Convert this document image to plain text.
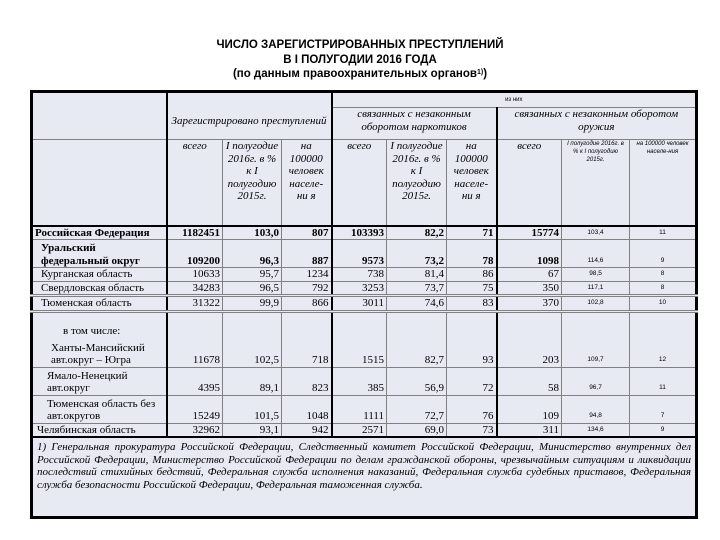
ЧИСЛО ЗАРЕГИСТРИРОВАННЫХ ПРЕСТУПЛЕНИЙ
В I ПОЛУГОДИИ 2016 ГОДА
(по данным правоохранительных органов$^{1)}$)
	Зарегистрировано преступлений			из них					
				связанных с незаконным оборотом наркотиков			связанных с незаконным оборотом оружия		
	всего	I полугодие 2016г. в % к I полугодию 2015г.	на 100000 человек населе-ни я	всего	I полугодие 2016г. в % к I полугодию 2015г.	на 100000 человек населе-ни я	всего	I полугодие 2016г. в % к I полугодию 2015г.	на 100000 человек населе-ния
Российская Федерация	1182451	103,0	807	103393	82,2	71	15774	103,4	11
Уральский федеральный округ	109200	96,3	887	9573	73,2	78	1098	114,6	9
Курганская область	10633	95,7	1234	738	81,4	86	67	98,5	8
Свердловская область	34283	96,5	792	3253	73,7	75	350	117,1	8
Тюменская область	31322	99,9	866	3011	74,6	83	370	102,8	10

в том числе:
Ханты-Мансийский авт.округ – Югра	11678	102,5	718	1515	82,7	93	203	109,7	12
Ямало-Ненецкий авт.округ	4395	89,1	823	385	56,9	72	58	96,7	11
Тюменская область без авт.округов	15249	101,5	1048	1111	72,7	76	109	94,8	7
Челябинская область	32962	93,1	942	2571	69,0	73	311	134,6	9
1) Генеральная прокуратура Российской Федерации, Следственный комитет Российской Федерации, Министерство внутренних дел Российской Федерации, Министерство Российской Федерации по делам гражданской обороны, чрезвычайным ситуациям и ликвидации последствий стихийных бедствий, Федеральная служба исполнения наказаний, Федеральная служба судебных приставов, Федеральная служба безопасности Российской Федерации, Федеральная таможенная служба.									
